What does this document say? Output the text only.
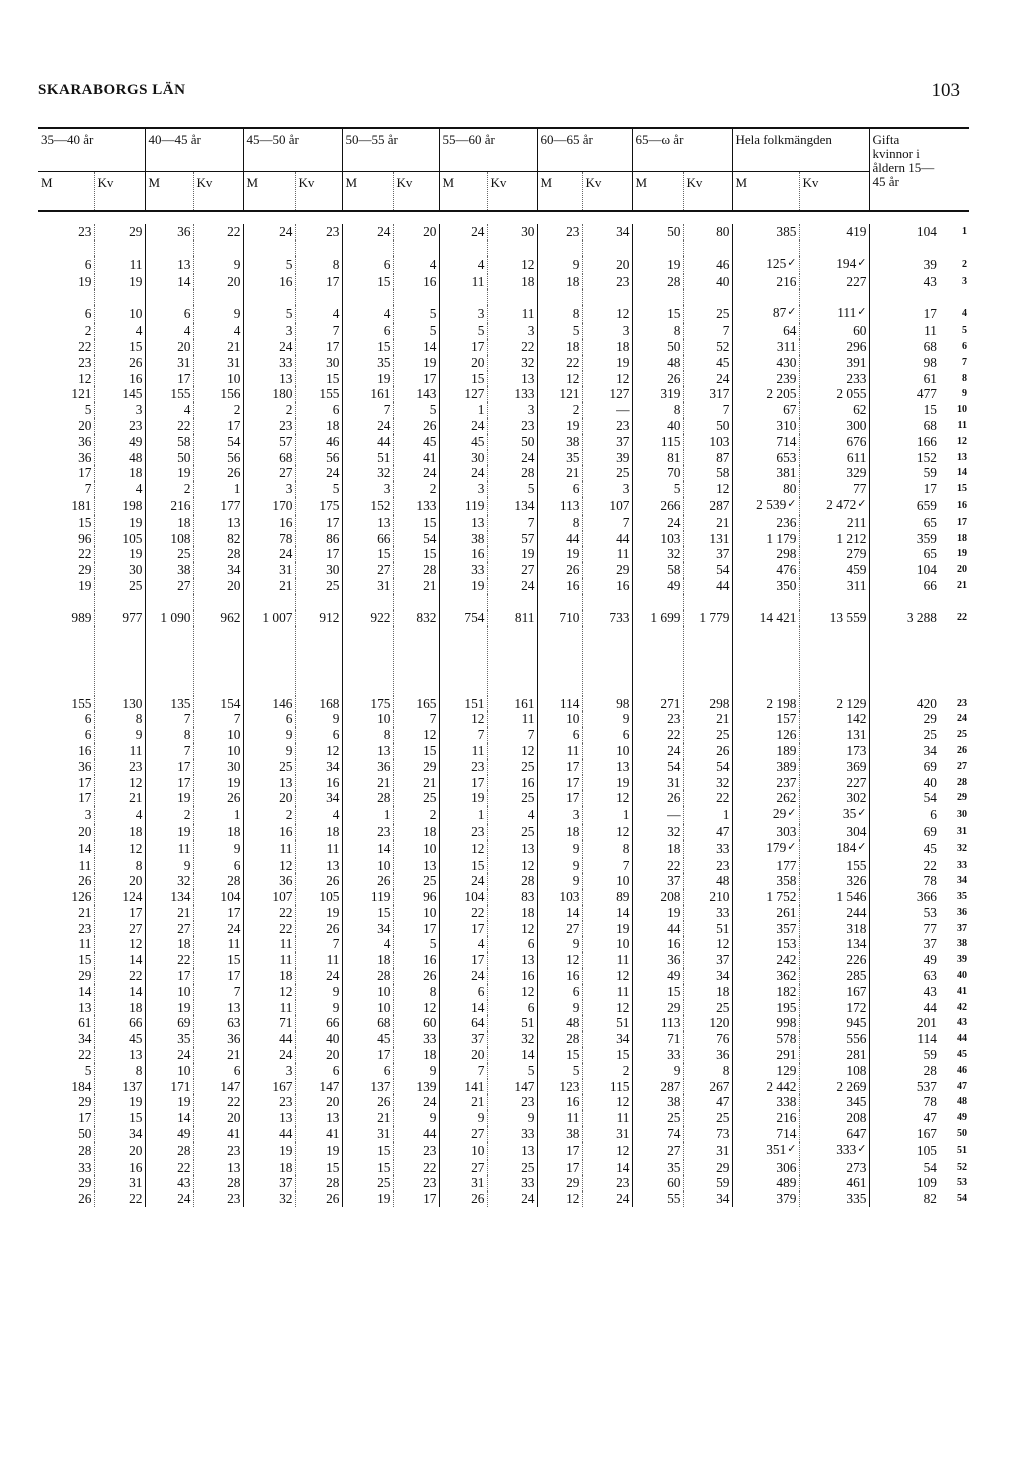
SKARABORGS LÄN	103
35—40 år		40—45 år		45—50 år		50—55 år		55—60 år		60—65 år		65—ω år		Hela folkmängden		Gifta kvinnor i åldern 15—45 år	
M	Kv	M	Kv	M	Kv	M	Kv	M	Kv	M	Kv	M	Kv	M	Kv		

23	29	36	22	24	23	24	20	24	30	23	34	50	80	385	419	104	1

6	11	13	9	5	8	6	4	4	12	9	20	19	46	125✓	194✓	39	2
19	19	14	20	16	17	15	16	11	18	18	23	28	40	216	227	43	3

6	10	6	9	5	4	4	5	3	11	8	12	15	25	87✓	111✓	17	4
2	4	4	4	3	7	6	5	5	3	5	3	8	7	64	60	11	5
22	15	20	21	24	17	15	14	17	22	18	18	50	52	311	296	68	6
23	26	31	31	33	30	35	19	20	32	22	19	48	45	430	391	98	7
12	16	17	10	13	15	19	17	15	13	12	12	26	24	239	233	61	8
121	145	155	156	180	155	161	143	127	133	121	127	319	317	2 205	2 055	477	9
5	3	4	2	2	6	7	5	1	3	2	—	8	7	67	62	15	10
20	23	22	17	23	18	24	26	24	23	19	23	40	50	310	300	68	11
36	49	58	54	57	46	44	45	45	50	38	37	115	103	714	676	166	12
36	48	50	56	68	56	51	41	30	24	35	39	81	87	653	611	152	13
17	18	19	26	27	24	32	24	24	28	21	25	70	58	381	329	59	14
7	4	2	1	3	5	3	2	3	5	6	3	5	12	80	77	17	15
181	198	216	177	170	175	152	133	119	134	113	107	266	287	2 539✓	2 472✓	659	16
15	19	18	13	16	17	13	15	13	7	8	7	24	21	236	211	65	17
96	105	108	82	78	86	66	54	38	57	44	44	103	131	1 179	1 212	359	18
22	19	25	28	24	17	15	15	16	19	19	11	32	37	298	279	65	19
29	30	38	34	31	30	27	28	33	27	26	29	58	54	476	459	104	20
19	25	27	20	21	25	31	21	19	24	16	16	49	44	350	311	66	21

989	977	1 090	962	1 007	912	922	832	754	811	710	733	1 699	1 779	14 421	13 559	3 288	22

155	130	135	154	146	168	175	165	151	161	114	98	271	298	2 198	2 129	420	23
6	8	7	7	6	9	10	7	12	11	10	9	23	21	157	142	29	24
6	9	8	10	9	6	8	12	7	7	6	6	22	25	126	131	25	25
16	11	7	10	9	12	13	15	11	12	11	10	24	26	189	173	34	26
36	23	17	30	25	34	36	29	23	25	17	13	54	54	389	369	69	27
17	12	17	19	13	16	21	21	17	16	17	19	31	32	237	227	40	28
17	21	19	26	20	34	28	25	19	25	17	12	26	22	262	302	54	29
3	4	2	1	2	4	1	2	1	4	3	1	—	1	29✓	35✓	6	30
20	18	19	18	16	18	23	18	23	25	18	12	32	47	303	304	69	31
14	12	11	9	11	11	14	10	12	13	9	8	18	33	179✓	184✓	45	32
11	8	9	6	12	13	10	13	15	12	9	7	22	23	177	155	22	33
26	20	32	28	36	26	26	25	24	28	9	10	37	48	358	326	78	34
126	124	134	104	107	105	119	96	104	83	103	89	208	210	1 752	1 546	366	35
21	17	21	17	22	19	15	10	22	18	14	14	19	33	261	244	53	36
23	27	27	24	22	26	34	17	17	12	27	19	44	51	357	318	77	37
11	12	18	11	11	7	4	5	4	6	9	10	16	12	153	134	37	38
15	14	22	15	11	11	18	16	17	13	12	11	36	37	242	226	49	39
29	22	17	17	18	24	28	26	24	16	16	12	49	34	362	285	63	40
14	14	10	7	12	9	10	8	6	12	6	11	15	18	182	167	43	41
13	18	19	13	11	9	10	12	14	6	9	12	29	25	195	172	44	42
61	66	69	63	71	66	68	60	64	51	48	51	113	120	998	945	201	43
34	45	35	36	44	40	45	33	37	32	28	34	71	76	578	556	114	44
22	13	24	21	24	20	17	18	20	14	15	15	33	36	291	281	59	45
5	8	10	6	3	6	6	9	7	5	5	2	9	8	129	108	28	46
184	137	171	147	167	147	137	139	141	147	123	115	287	267	2 442	2 269	537	47
29	19	19	22	23	20	26	24	21	23	16	12	38	47	338	345	78	48
17	15	14	20	13	13	21	9	9	9	11	11	25	25	216	208	47	49
50	34	49	41	44	41	31	44	27	33	38	31	74	73	714	647	167	50
28	20	28	23	19	19	15	23	10	13	17	12	27	31	351✓	333✓	105	51
33	16	22	13	18	15	15	22	27	25	17	14	35	29	306	273	54	52
29	31	43	28	37	28	25	23	31	33	29	23	60	59	489	461	109	53
26	22	24	23	32	26	19	17	26	24	12	24	55	34	379	335	82	54
